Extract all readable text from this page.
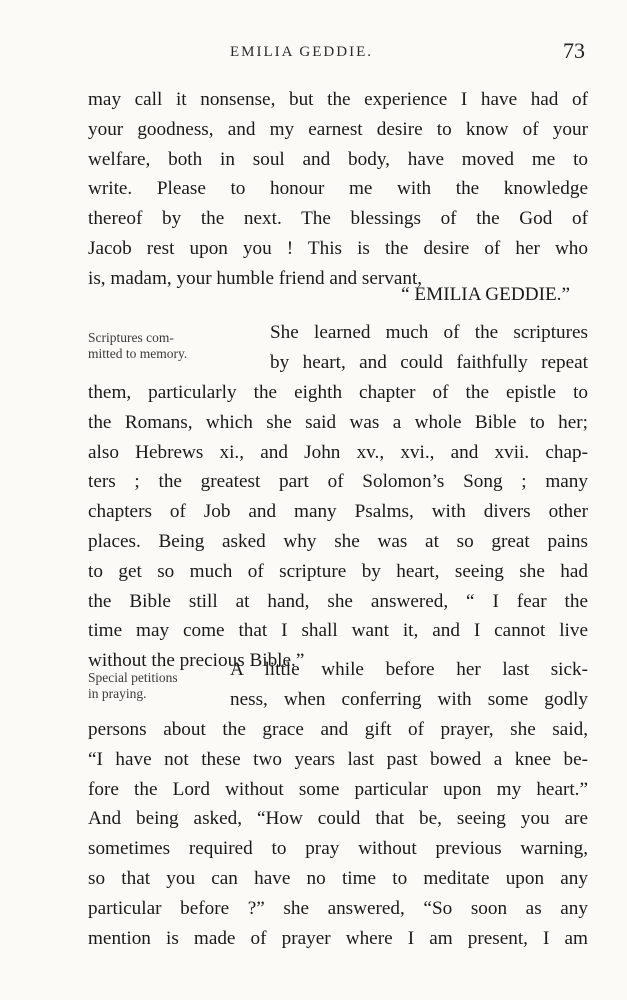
EMILIA GEDDIE.	73
may call it nonsense, but the experience I have had of
your goodness, and my earnest desire to know of your
welfare, both in soul and body, have moved me to
write. Please to honour me with the knowledge
thereof by the next. The blessings of the God of
Jacob rest upon you ! This is the desire of her who
is, madam, your humble friend and servant,
“ EMILIA GEDDIE.”
Scriptures com-
mitted to memory.
She learned much of the scriptures
by heart, and could faithfully repeat
them, particularly the eighth chapter of the epistle to
the Romans, which she said was a whole Bible to her;
also Hebrews xi., and John xv., xvi., and xvii. chap-
ters ; the greatest part of Solomon’s Song ; many
chapters of Job and many Psalms, with divers other
places. Being asked why she was at so great pains
to get so much of scripture by heart, seeing she had
the Bible still at hand, she answered, “ I fear the
time may come that I shall want it, and I cannot live
without the precious Bible.”
Special petitions
in praying.
A little while before her last sick-
ness, when conferring with some godly
persons about the grace and gift of prayer, she said,
“I have not these two years last past bowed a knee be-
fore the Lord without some particular upon my heart.”
And being asked, “How could that be, seeing you are
sometimes required to pray without previous warning,
so that you can have no time to meditate upon any
particular before ?” she answered, “So soon as any
mention is made of prayer where I am present, I am
